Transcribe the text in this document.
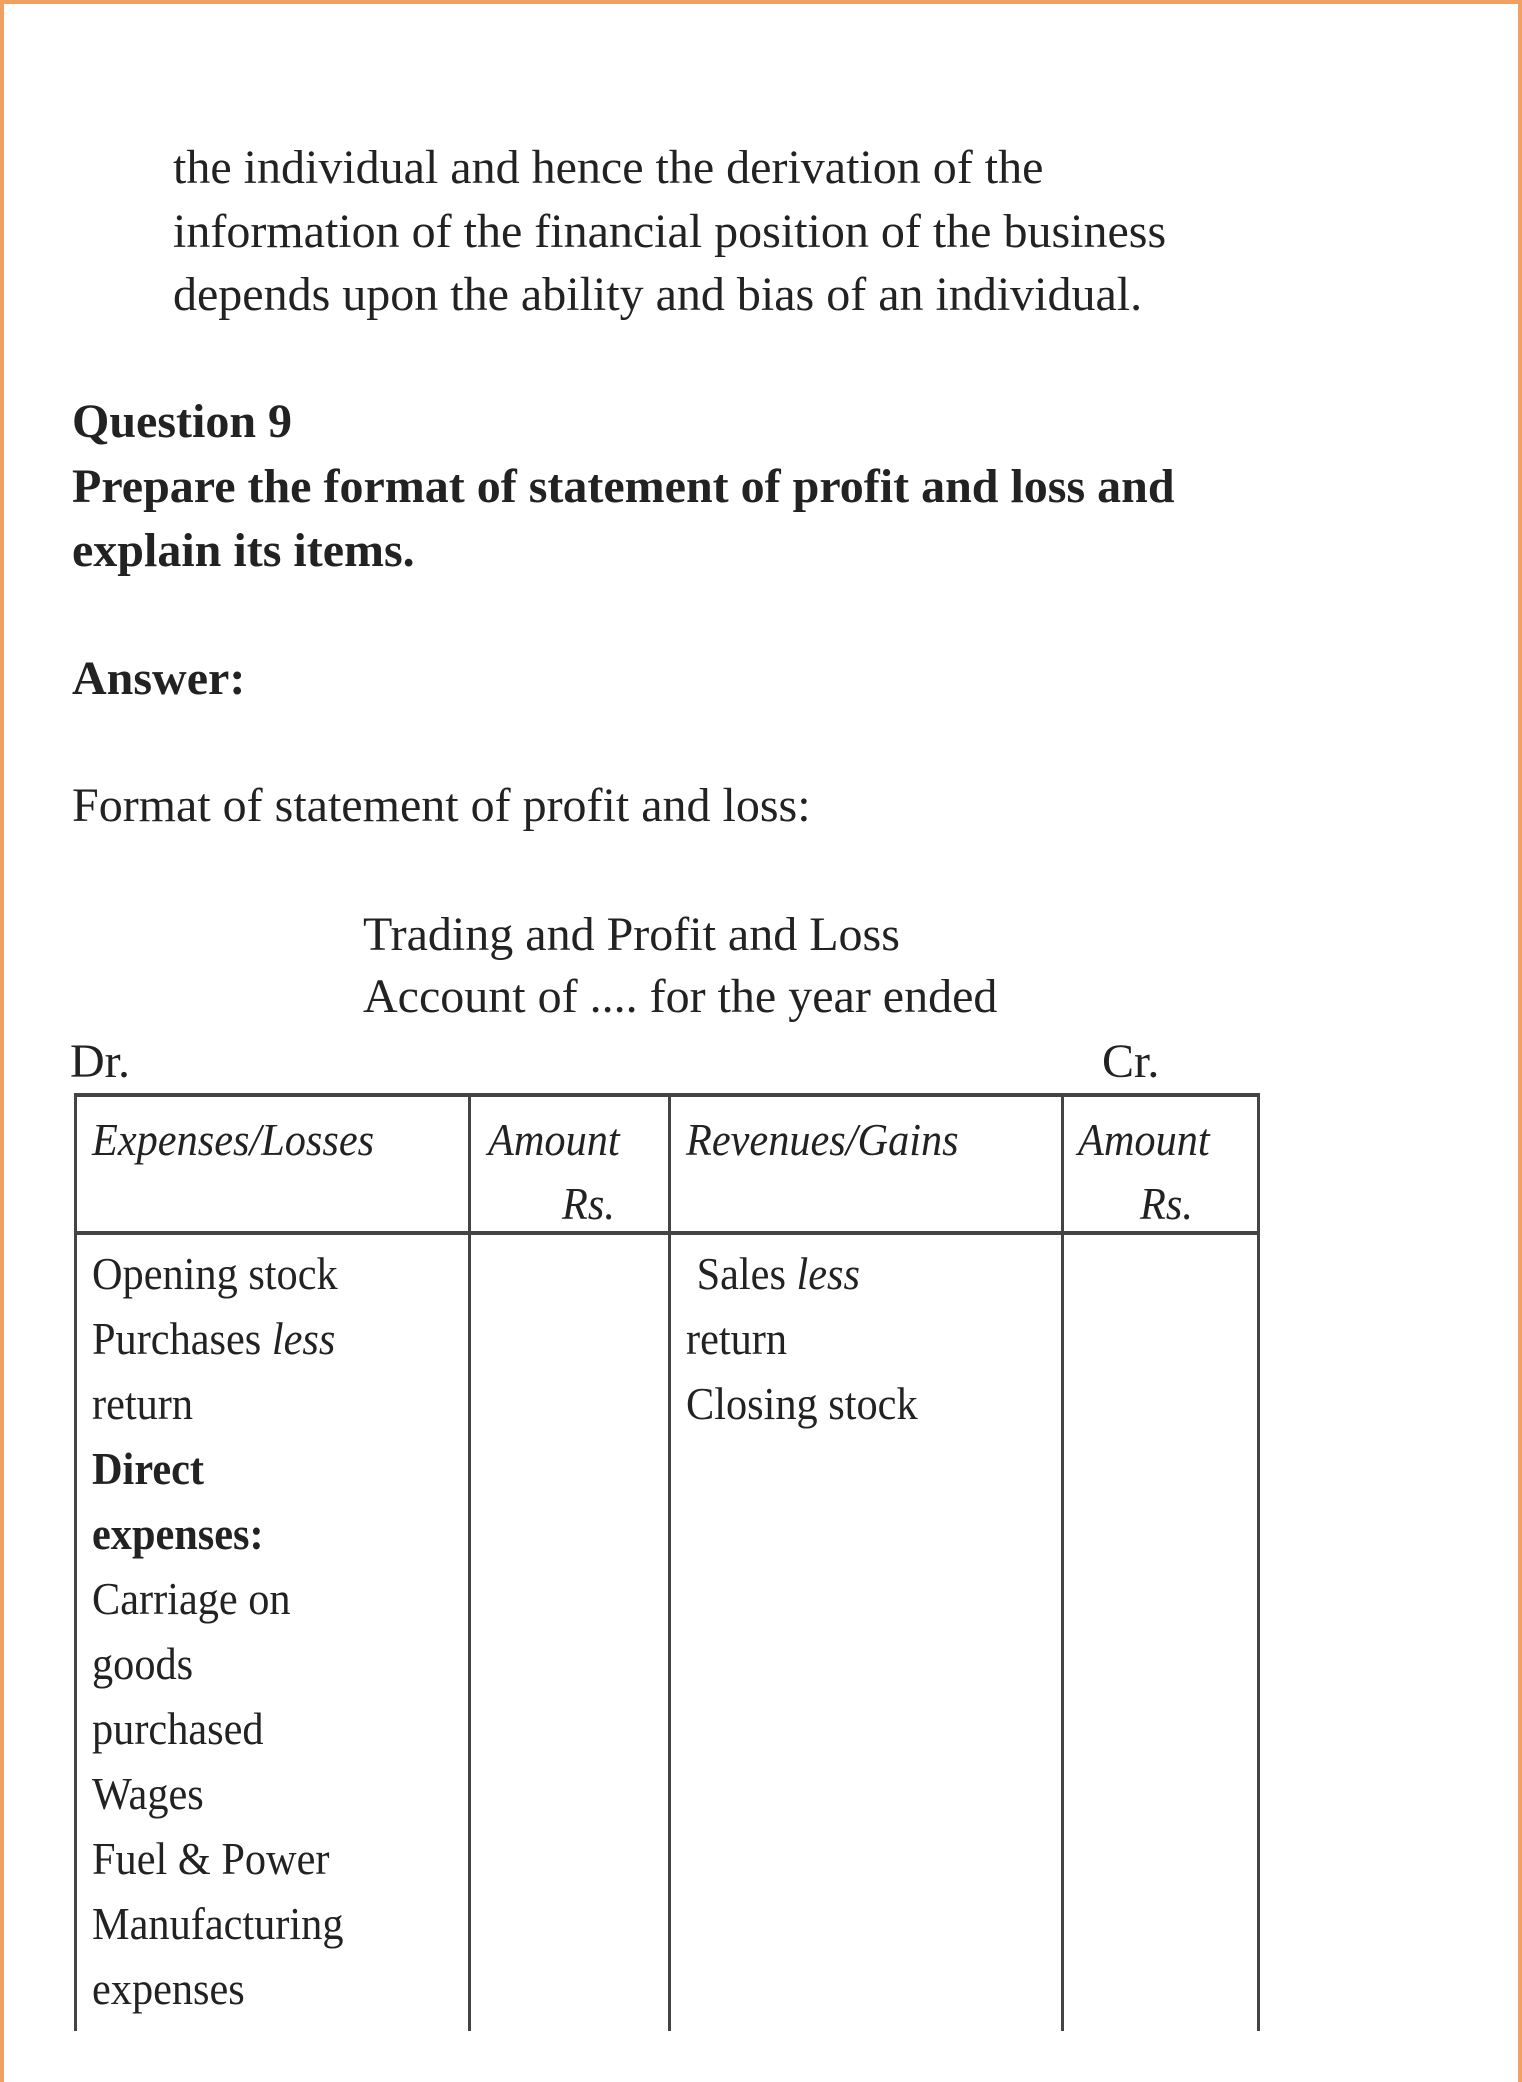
the individual and hence the derivation of the
information of the financial position of the business
depends upon the ability and bias of an individual.
Question 9
Prepare the format of statement of profit and loss and
explain its items.
Answer:
Format of statement of profit and loss:
Trading and Profit and Loss
Account of .... for the year ended
Dr.	Cr.
Expenses/Losses Amount
Rs.
Revenues/Gains	Amount
Rs.
Opening stock
Purchases less
return
Direct
expenses:
Carriage on
goods
purchased
Wages
Fuel & Power
Manufacturing
expenses
Sales less
return
Closing stock
